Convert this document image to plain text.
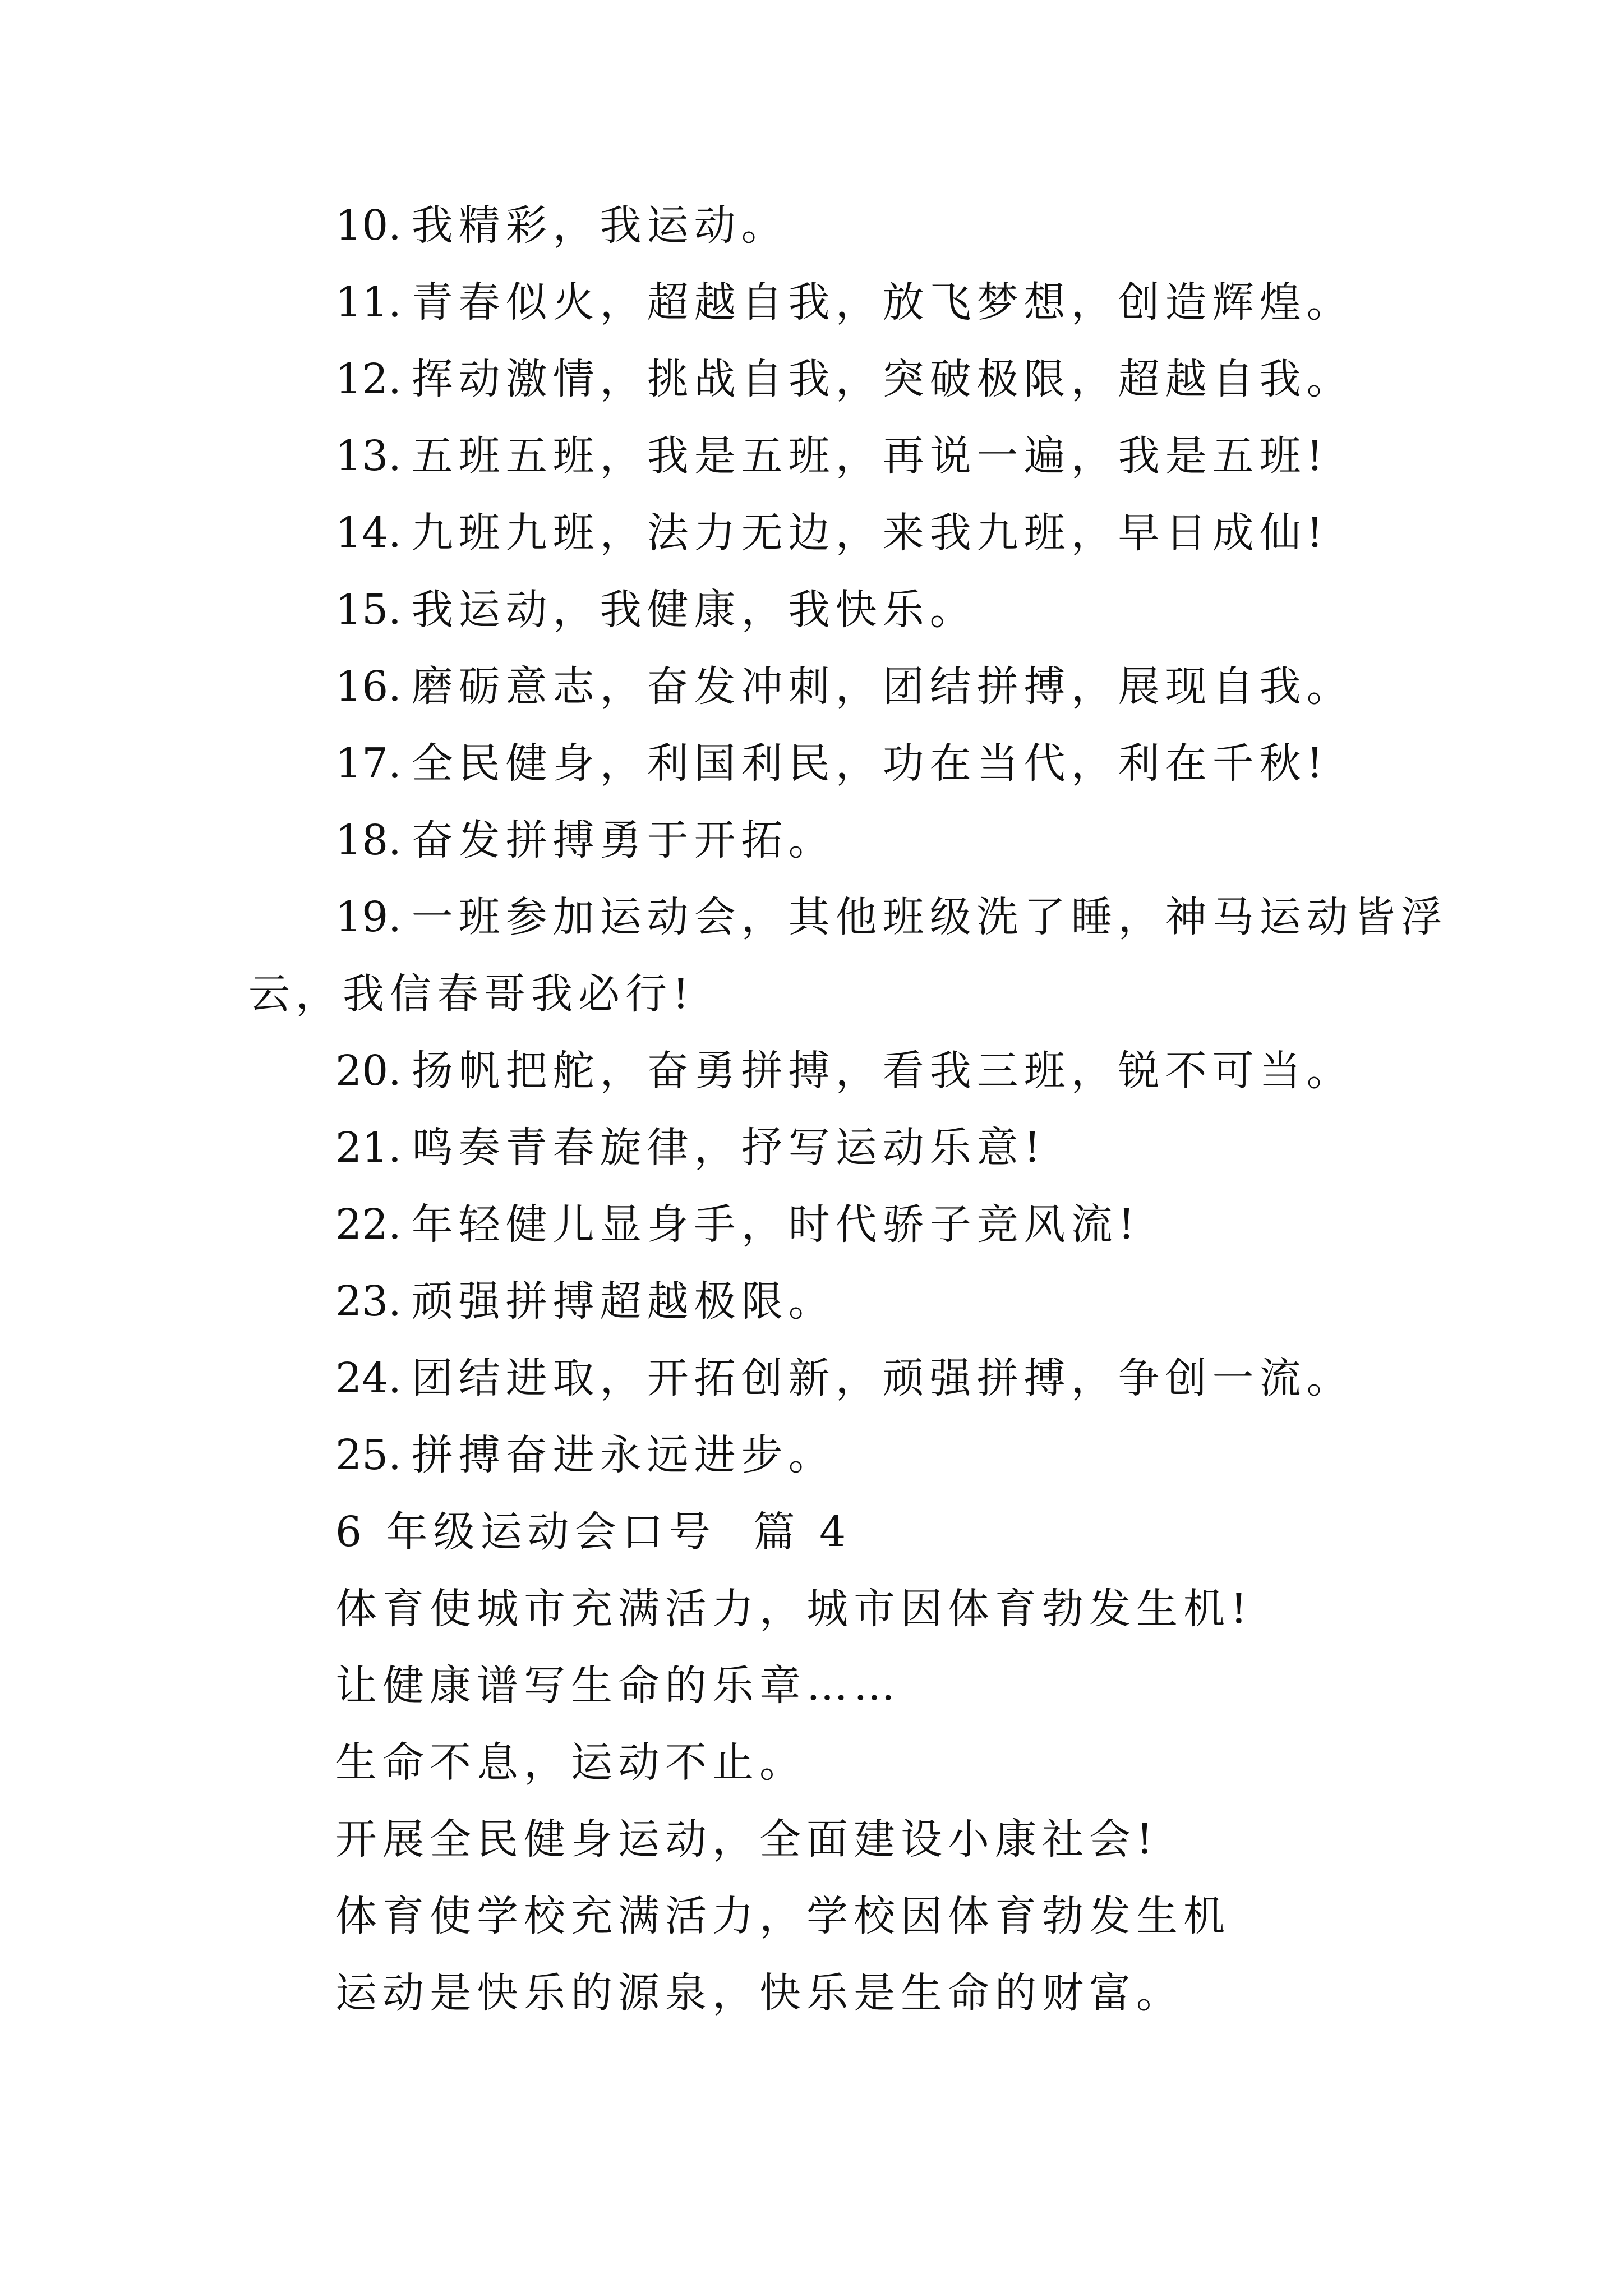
10. 我精彩，我运动。
11. 青春似火，超越自我，放飞梦想，创造辉煌。
12. 挥动激情，挑战自我，突破极限，超越自我。
13. 五班五班，我是五班，再说一遍，我是五班!
14. 九班九班，法力无边，来我九班，早日成仙!
15. 我运动，我健康，我快乐。
16. 磨砺意志，奋发冲刺，团结拼搏，展现自我。
17. 全民健身，利国利民，功在当代，利在千秋!
18. 奋发拼搏勇于开拓。
19. 一班参加运动会，其他班级洗了睡，神马运动皆浮
云，我信春哥我必行!
20. 扬帆把舵，奋勇拼搏，看我三班，锐不可当。
21. 鸣奏青春旋律，抒写运动乐意!
22. 年轻健儿显身手，时代骄子竞风流!
23. 顽强拼搏超越极限。
24. 团结进取，开拓创新，顽强拼搏，争创一流。
25. 拼搏奋进永远进步。
6 年级运动会口号  篇 4
体育使城市充满活力，城市因体育勃发生机!
让健康谱写生命的乐章……
生命不息，运动不止。
开展全民健身运动，全面建设小康社会!
体育使学校充满活力，学校因体育勃发生机
运动是快乐的源泉，快乐是生命的财富。
